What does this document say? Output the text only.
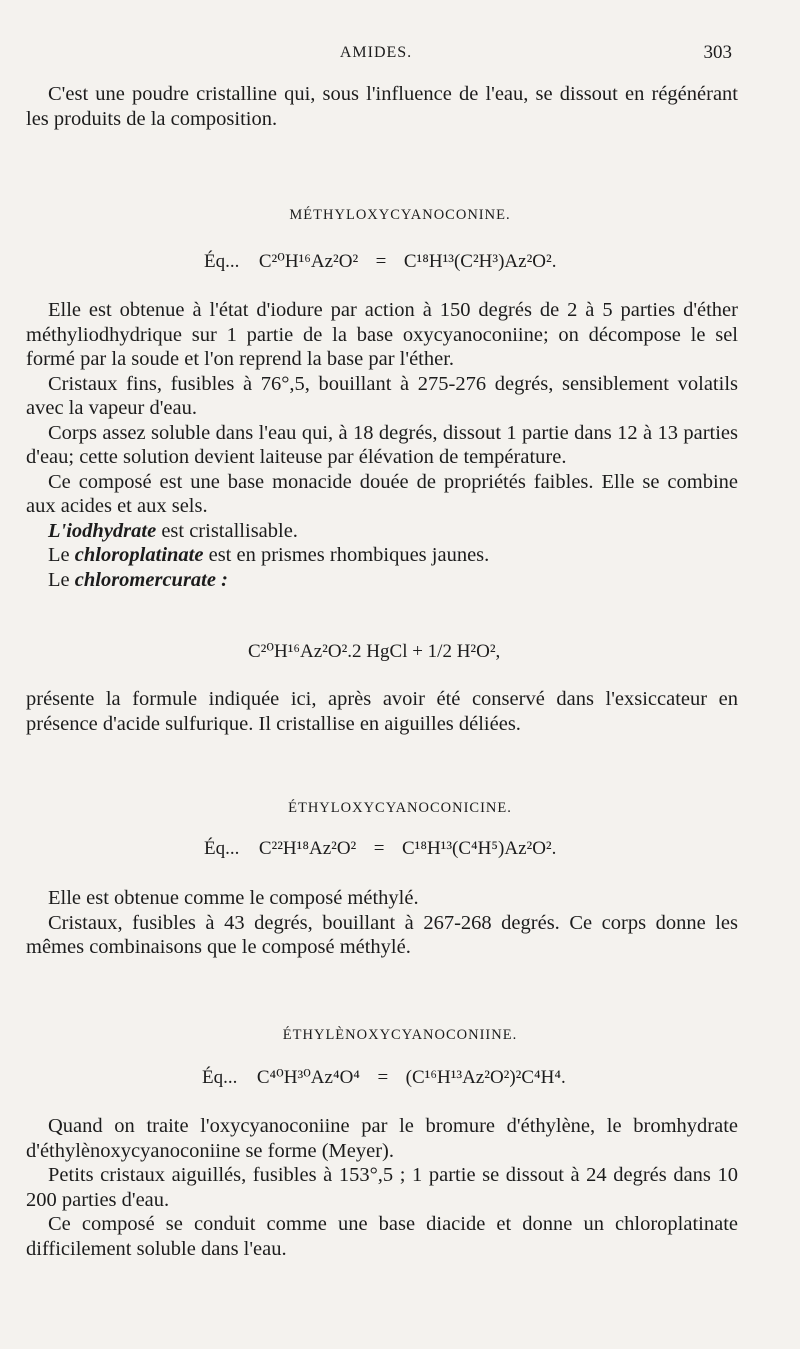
AMIDES.	303

C'est une poudre cristalline qui, sous l'influence de l'eau, se dissout en régénérant les produits de la composition.

MÉTHYLOXYCYANOCONINE.
Éq... C²⁰H¹⁶Az²O² = C¹⁸H¹³(C²H³)Az²O².

Elle est obtenue à l'état d'iodure par action à 150 degrés de 2 à 5 parties d'éther méthyliodhydrique sur 1 partie de la base oxycyanoconiine; on décompose le sel formé par la soude et l'on reprend la base par l'éther.

Cristaux fins, fusibles à 76°,5, bouillant à 275-276 degrés, sensiblement volatils avec la vapeur d'eau.

Corps assez soluble dans l'eau qui, à 18 degrés, dissout 1 partie dans 12 à 13 parties d'eau; cette solution devient laiteuse par élévation de température.

Ce composé est une base monacide douée de propriétés faibles. Elle se combine aux acides et aux sels.

L'iodhydrate est cristallisable.

Le chloroplatinate est en prismes rhombiques jaunes.

Le chloromercurate :

C²⁰H¹⁶Az²O².2 HgCl + 1/2 H²O²,

présente la formule indiquée ici, après avoir été conservé dans l'exsiccateur en présence d'acide sulfurique. Il cristallise en aiguilles déliées.

ÉTHYLOXYCYANOCONICINE.
Éq... C²²H¹⁸Az²O² = C¹⁸H¹³(C⁴H⁵)Az²O².

Elle est obtenue comme le composé méthylé.

Cristaux, fusibles à 43 degrés, bouillant à 267-268 degrés. Ce corps donne les mêmes combinaisons que le composé méthylé.

ÉTHYLÈNOXYCYANOCONIINE.
Éq... C⁴⁰H³⁰Az⁴O⁴ = (C¹⁶H¹³Az²O²)²C⁴H⁴.

Quand on traite l'oxycyanoconiine par le bromure d'éthylène, le bromhydrate d'éthylènoxycyanoconiine se forme (Meyer).

Petits cristaux aiguillés, fusibles à 153°,5 ; 1 partie se dissout à 24 degrés dans 10 200 parties d'eau.

Ce composé se conduit comme une base diacide et donne un chloroplatinate difficilement soluble dans l'eau.
